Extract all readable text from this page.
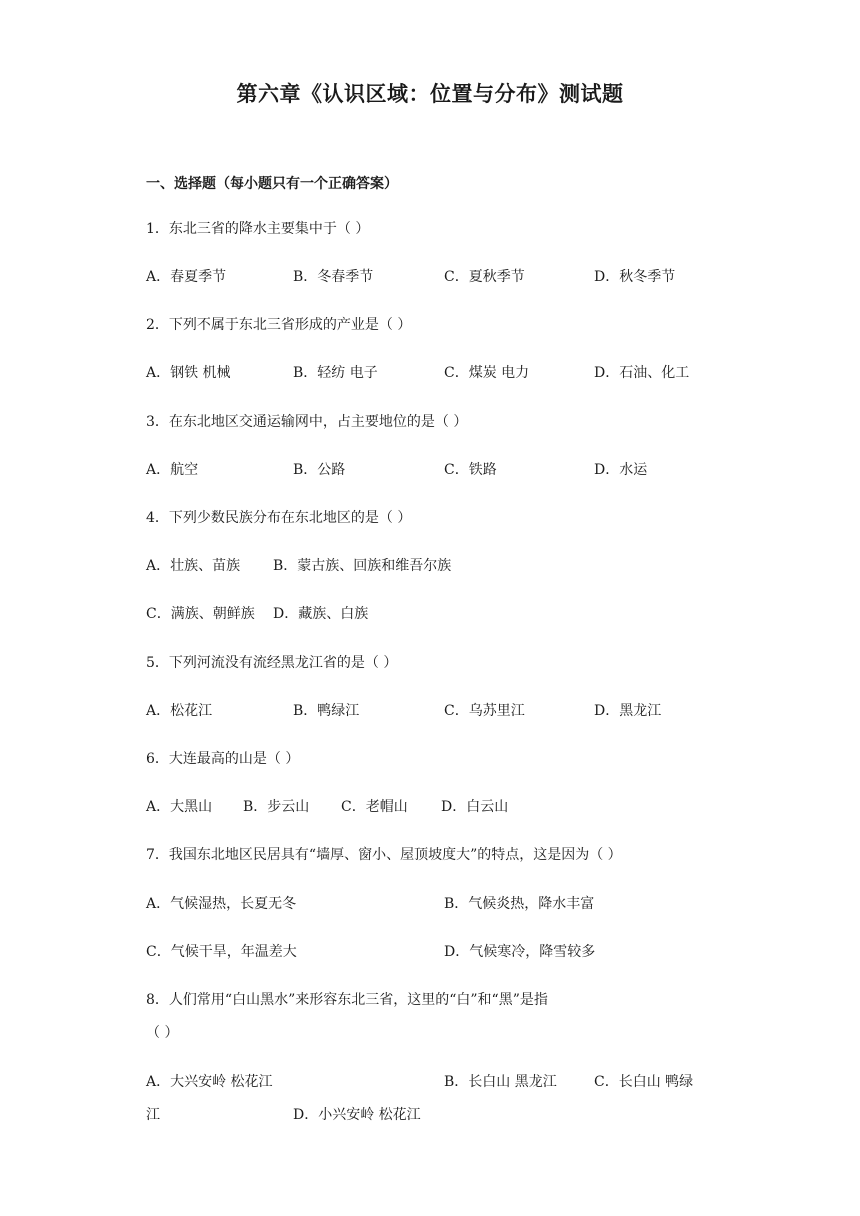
第六章《认识区域：位置与分布》测试题
一、选择题（每小题只有一个正确答案）
1．东北三省的降水主要集中于（ ）
A．春夏季节	B．冬春季节	C．夏秋季节	D．秋冬季节
2．下列不属于东北三省形成的产业是（ ）
A．钢铁 机械	B．轻纺 电子	C．煤炭 电力	D．石油、化工
3．在东北地区交通运输网中，占主要地位的是（ ）
A．航空	B．公路	C．铁路	D．水运
4．下列少数民族分布在东北地区的是（ ）
A．壮族、苗族 B．蒙古族、回族和维吾尔族
C．满族、朝鲜族 D．藏族、白族
5．下列河流没有流经黑龙江省的是（ ）
A．松花江	B．鸭绿江	C．乌苏里江	D．黑龙江
6．大连最高的山是（ ）
A．大黑山 B．步云山 C．老帽山 D．白云山
7．我国东北地区民居具有“墙厚、窗小、屋顶坡度大”的特点，这是因为（ ）
A．气候湿热，长夏无冬	B．气候炎热，降水丰富
C．气候干旱，年温差大	D．气候寒冷，降雪较多
8．人们常用“白山黑水”来形容东北三省，这里的“白”和“黑”是指
（ ）
A．大兴安岭 松花江	B．长白山 黑龙江	C．长白山 鸭绿
江	D．小兴安岭 松花江
